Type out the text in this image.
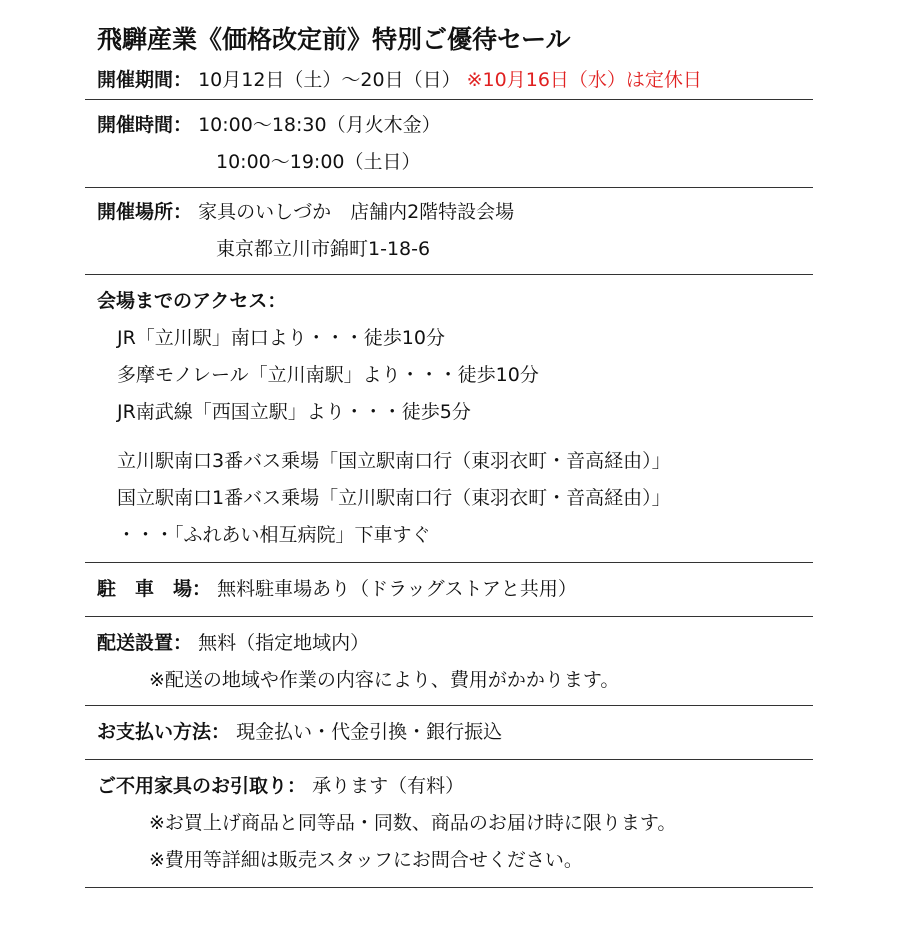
飛騨産業《価格改定前》特別ご優待セール
開催期間： 10月12日（土）～20日（日） ※10月16日（水）は定休日
開催時間： 10:00～18:30（月火木金）
10:00～19:00（土日）
開催場所： 家具のいしづか　店舗内2階特設会場
東京都立川市錦町1-18-6
会場までのアクセス：
JR「立川駅」南口より・・・徒歩10分
多摩モノレール「立川南駅」より・・・徒歩10分
JR南武線「西国立駅」より・・・徒歩5分
立川駅南口3番バス乗場「国立駅南口行（東羽衣町・音高経由）」
国立駅南口1番バス乗場「立川駅南口行（東羽衣町・音高経由）」
・・・「ふれあい相互病院」下車すぐ
駐　車　場： 無料駐車場あり（ドラッグストアと共用）
配送設置： 無料（指定地域内）
※配送の地域や作業の内容により、費用がかかります。
お支払い方法： 現金払い・代金引換・銀行振込
ご不用家具のお引取り： 承ります（有料）
※お買上げ商品と同等品・同数、商品のお届け時に限ります。
※費用等詳細は販売スタッフにお問合せください。
